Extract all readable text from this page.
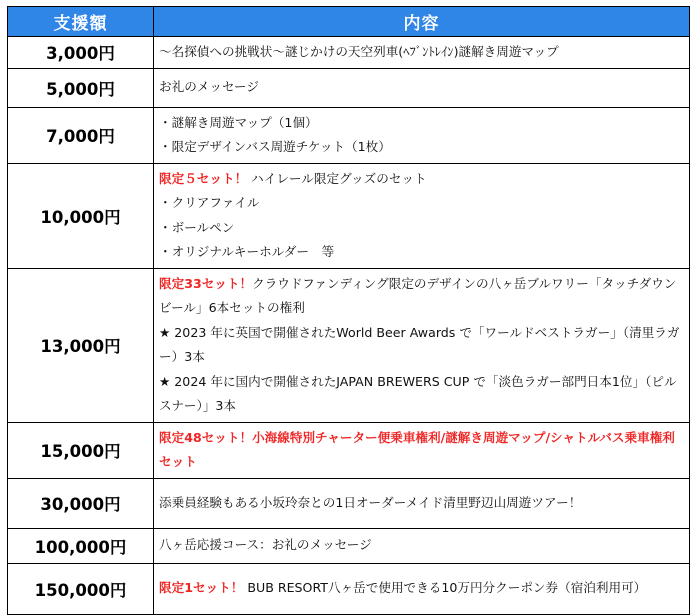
支援額	内容
3,000円	～名探偵への挑戦状～謎じかけの天空列車(ﾍﾌﾞﾝﾄﾚｲﾝ)謎解き周遊マップ

5,000円	お礼のメッセージ

7,000円	・謎解き周遊マップ（1個）
・限定デザインバス周遊チケット（1枚）

10,000円	限定５セット！ ハイレール限定グッズのセット
・クリアファイル
・ボールペン
・オリジナルキーホルダー　等

13,000円	限定33セット！クラウドファンディング限定のデザインの八ヶ岳ブルワリー「タッチダウンビール」6本セットの権利
★ 2023 年に英国で開催されたWorld Beer Awards で「ワールドベストラガー」（清里ラガー）3本
★ 2024 年に国内で開催されたJAPAN BREWERS CUP で「淡色ラガー部門日本1位」（ピルスナー）」3本

15,000円	限定48セット！小海線特別チャーター便乗車権利/謎解き周遊マップ/シャトルバス乗車権利セット

30,000円	添乗員経験もある小坂玲奈との1日オーダーメイド清里野辺山周遊ツアー！

100,000円	八ヶ岳応援コース：お礼のメッセージ

150,000円	限定1セット！ BUB RESORT八ヶ岳で使用できる10万円分クーポン券（宿泊利用可）
